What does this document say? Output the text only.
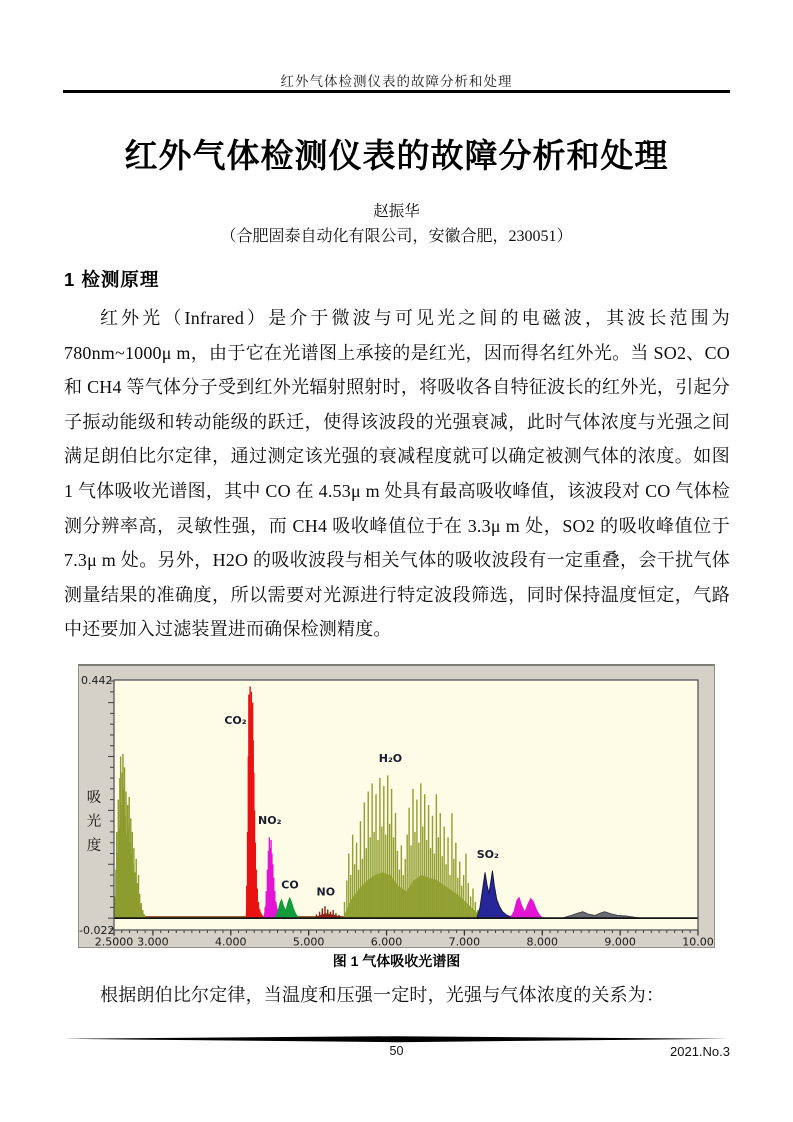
红外气体检测仪表的故障分析和处理
红外气体检测仪表的故障分析和处理
赵振华
（合肥固泰自动化有限公司，安徽合肥，230051）
1 检测原理

红外光（Infrared）是介于微波与可见光之间的电磁波，其波长范围为 780nm~1000μ m，由于它在光谱图上承接的是红光，因而得名红外光。当 SO2、CO 和 CH4 等气体分子受到红外光辐射照射时，将吸收各自特征波长的红外光，引起分子振动能级和转动能级的跃迁，使得该波段的光强衰减，此时气体浓度与光强之间满足朗伯比尔定律，通过测定该光强的衰减程度就可以确定被测气体的浓度。如图 1 气体吸收光谱图，其中 CO 在 4.53μ m 处具有最高吸收峰值，该波段对 CO 气体检测分辨率高，灵敏性强，而 CH4 吸收峰值位于在 3.3μ m 处，SO2 的吸收峰值位于 7.3μ m 处。另外，H2O 的吸收波段与相关气体的吸收波段有一定重叠，会干扰气体测量结果的准确度，所以需要对光源进行特定波段筛选，同时保持温度恒定，气路中还要加入过滤装置进而确保检测精度。

2.5000 3.000	4.000	5.000	6.000	7.000	8.000	9.000	10.00
0.442
-0.022
吸
光
度
CO₂
NO₂
CO
NO
H₂O
SO₂
图 1 气体吸收光谱图

根据朗伯比尔定律，当温度和压强一定时，光强与气体浓度的关系为：

50	2021.No.3
